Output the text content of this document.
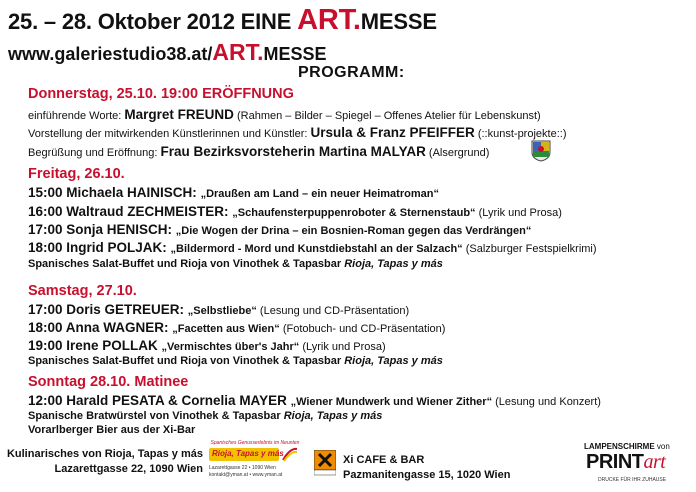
25. – 28. Oktober 2012 EINE ART.MESSE
www.galeriestudio38.at/ART.MESSE
PROGRAMM:
Donnerstag, 25.10. 19:00 ERÖFFNUNG
einführende Worte: Margret FREUND (Rahmen – Bilder – Spiegel – Offenes Atelier für Lebenskunst)
Vorstellung der mitwirkenden Künstlerinnen und Künstler: Ursula & Franz PFEIFFER (::kunst-projekte::)
Begrüßung und Eröffnung: Frau Bezirksvorsteherin Martina MALYAR (Alsergrund)
Freitag, 26.10.
15:00 Michaela HAINISCH: „Draußen am Land – ein neuer Heimatroman“
16:00 Waltraud ZECHMEISTER: „Schaufensterpuppenroboter & Sternenstaub“ (Lyrik und Prosa)
17:00 Sonja HENISCH: „Die Wogen der Drina – ein Bosnien-Roman gegen das Verdrängen“
18:00 Ingrid POLJAK: „Bildermord - Mord und Kunstdiebstahl an der Salzach“ (Salzburger Festspielkrimi)
Spanisches Salat-Buffet und Rioja von Vinothek & Tapasbar Rioja, Tapas y más
Samstag, 27.10.
17:00 Doris GETREUER: „Selbstliebe“ (Lesung und CD-Präsentation)
18:00 Anna WAGNER: „Facetten aus Wien“ (Fotobuch- und CD-Präsentation)
19:00 Irene POLLAK „Vermischtes über's Jahr“ (Lyrik und Prosa)
Spanisches Salat-Buffet und Rioja von Vinothek & Tapasbar Rioja, Tapas y más
Sonntag 28.10. Matinee
12:00 Harald PESATA & Cornelia MAYER „Wiener Mundwerk und Wiener Zither“ (Lesung und Konzert)
Spanische Bratwürstel von Vinothek & Tapasbar Rioja, Tapas y más
Vorarlberger Bier aus der Xi-Bar
Kulinarisches von Rioja, Tapas y más
Lazarettgasse 22, 1090 Wien
Spanisches Genusserlebnis im Neunten
Rioja, Tapas y más
Lazarettgasse 22 • 1090 Wien
kontakt@yman.at • www.yman.at
Xi CAFE & BAR
Pazmanitengasse 15, 1020 Wien
LAMPENSCHIRME von
PRINTart
DRUCKE FÜR IHR ZUHAUSE
